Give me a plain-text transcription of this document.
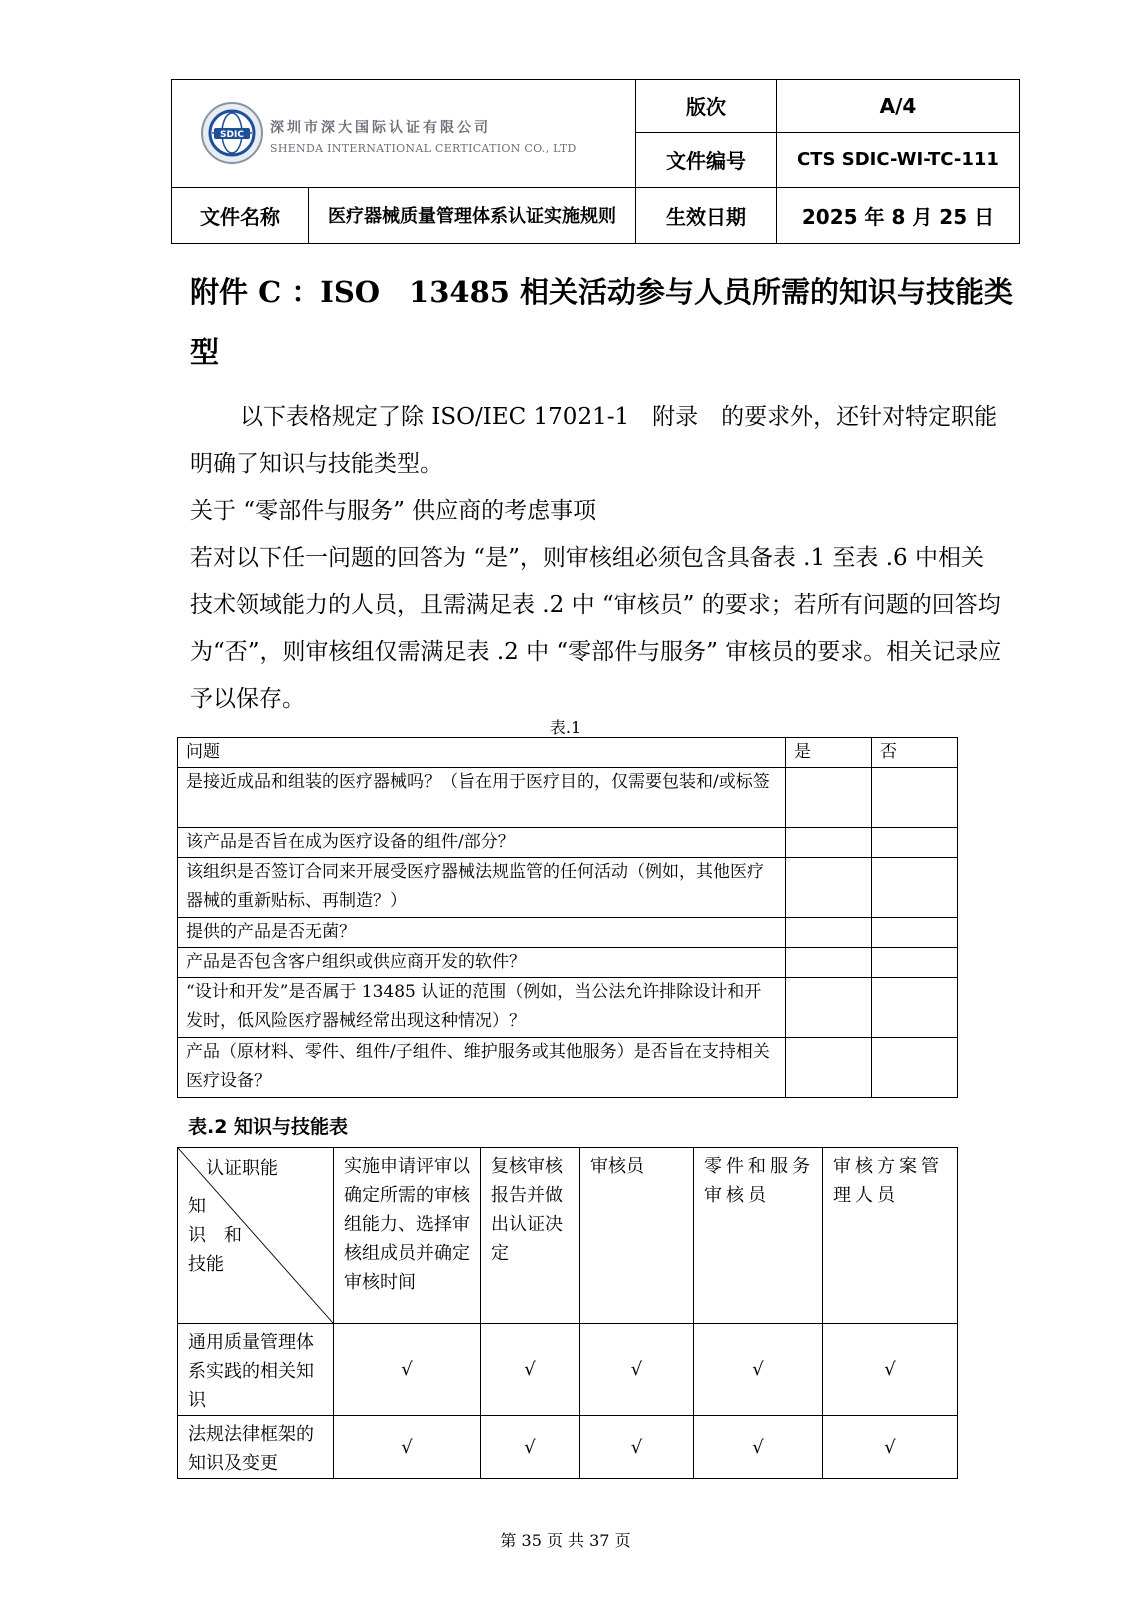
SDIC 深圳市深大国际认证有限公司
SHENDA INTERNATIONAL CERTICATION CO., LTD		版次	A/4
		文件编号	CTS SDIC-WI-TC-111
文件名称	医疗器械质量管理体系认证实施规则	生效日期	2025 年 8 月 25 日
附件 C ：ISO　13485 相关活动参与人员所需的知识与技能类型

以下表格规定了除 ISO/IEC 17021-1　附录　的要求外，还针对特定职能明确了知识与技能类型。

关于 “零部件与服务” 供应商的考虑事项

若对以下任一问题的回答为 “是”，则审核组必须包含具备表 .1 至表 .6 中相关技术领域能力的人员，且需满足表 .2 中 “审核员” 的要求；若所有问题的回答均为“否”，则审核组仅需满足表 .2 中 “零部件与服务” 审核员的要求。相关记录应予以保存。

表.1
问题	是	否
是接近成品和组装的医疗器械吗？（旨在用于医疗目的，仅需要包装和/或标签		
该产品是否旨在成为医疗设备的组件/部分？		
该组织是否签订合同来开展受医疗器械法规监管的任何活动（例如，其他医疗器械的重新贴标、再制造？）		
提供的产品是否无菌？		
产品是否包含客户组织或供应商开发的软件？		
“设计和开发”是否属于 13485 认证的范围（例如，当公法允许排除设计和开发时，低风险医疗器械经常出现这种情况）？		
产品（原材料、零件、组件/子组件、维护服务或其他服务）是否旨在支持相关医疗设备？		
表.2 知识与技能表
认证职能
知
识　和
技能	实施申请评审以确定所需的审核组能力、选择审核组成员并确定审核时间	复核审核报告并做出认证决定	审核员	零件和服务审核员	审核方案管理人员
通用质量管理体系实践的相关知识	√	√	√	√	√
法规法律框架的知识及变更	√	√	√	√	√
第 35 页 共 37 页
